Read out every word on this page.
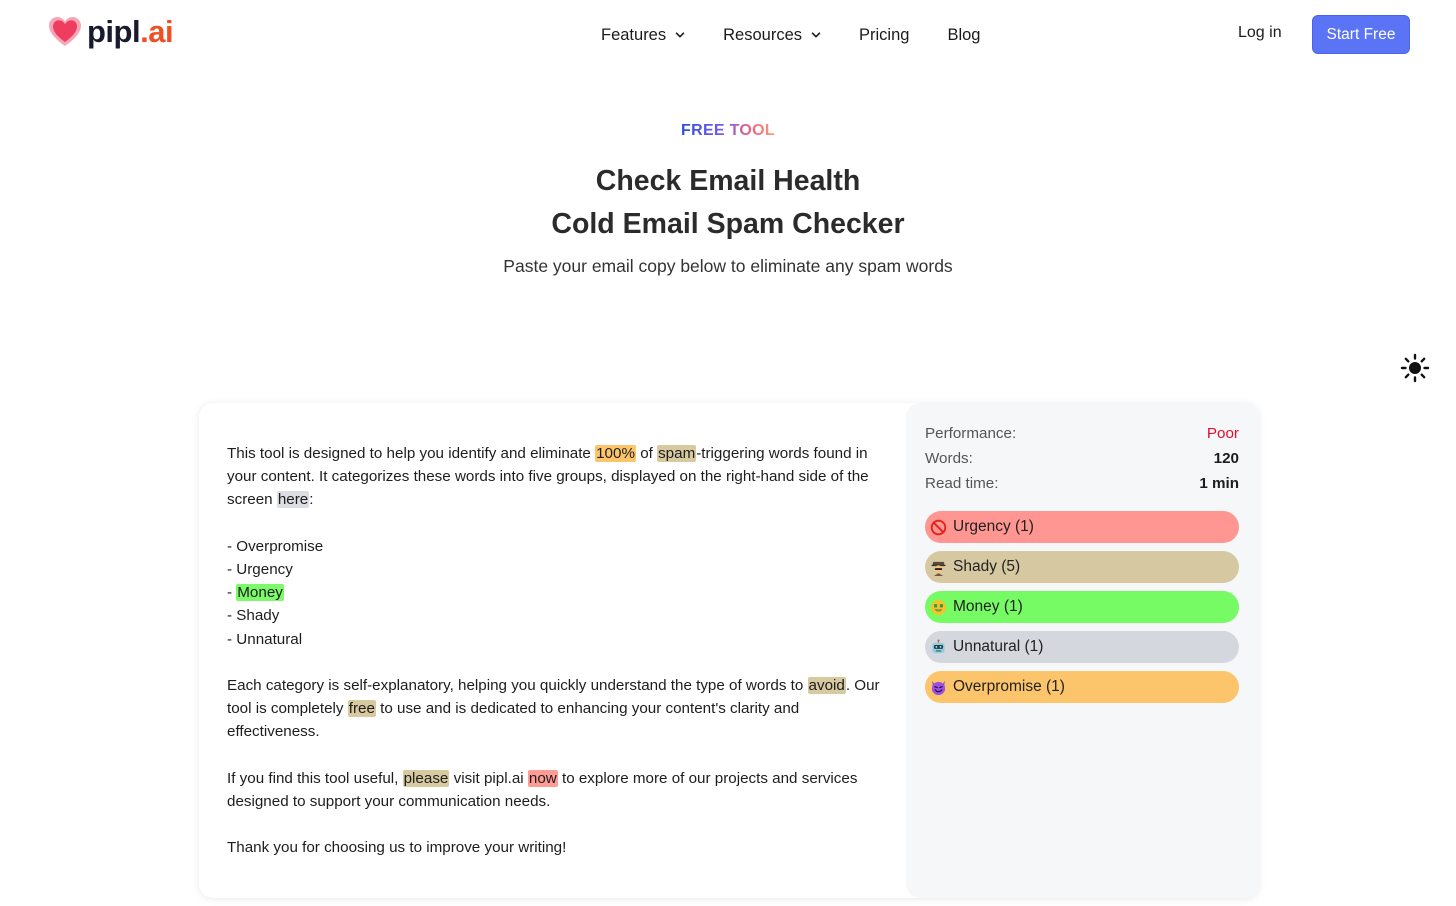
pipl.ai	Features	Resources	Pricing Blog	Log in	Start Free
FREE TOOL
Check Email Health
Cold Email Spam Checker
Paste your email copy below to eliminate any spam words

This tool is designed to help you identify and eliminate 100% of spam-triggering words found in your content. It categorizes these words into five groups, displayed on the right-hand side of the screen here:

- Overpromise

- Urgency

- Money

- Shady

- Unnatural

Each category is self-explanatory, helping you quickly understand the type of words to avoid. Our tool is completely free to use and is dedicated to enhancing your content's clarity and effectiveness.

If you find this tool useful, please visit pipl.ai now to explore more of our projects and services designed to support your communication needs.

Thank you for choosing us to improve your writing!

Performance:	Poor
Words:	120
Read time:	1 min
Urgency (1)
Shady (5)
Money (1)
Unnatural (1)
Overpromise (1)
